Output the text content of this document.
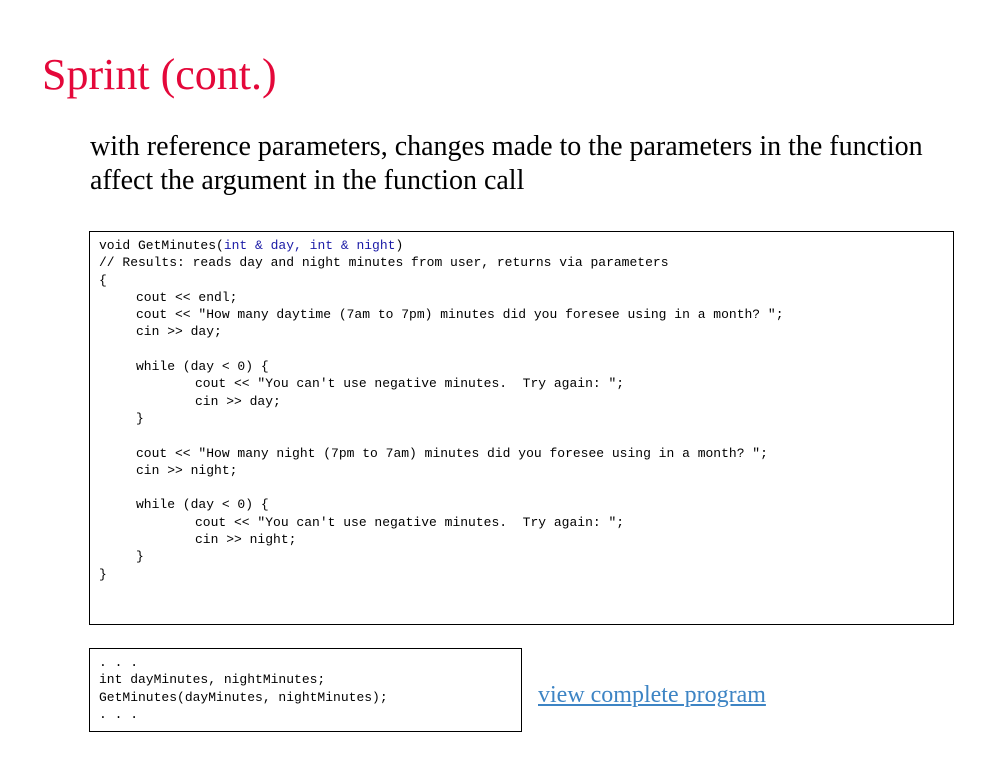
Sprint (cont.)

with reference parameters, changes made to the parameters in the function affect the argument in the function call

void GetMinutes(int & day, int & night)
// Results: reads day and night minutes from user, returns via parameters
{
cout << endl;
cout << "How many daytime (7am to 7pm) minutes did you foresee using in a month? ";
cin >> day;
while (day < 0) {
cout << "You can't use negative minutes.  Try again: ";
cin >> day;
}
cout << "How many night (7pm to 7am) minutes did you foresee using in a month? ";
cin >> night;
while (day < 0) {
cout << "You can't use negative minutes.  Try again: ";
cin >> night;
}
}
. . .
int dayMinutes, nightMinutes;
GetMinutes(dayMinutes, nightMinutes);
. . .
view complete program
